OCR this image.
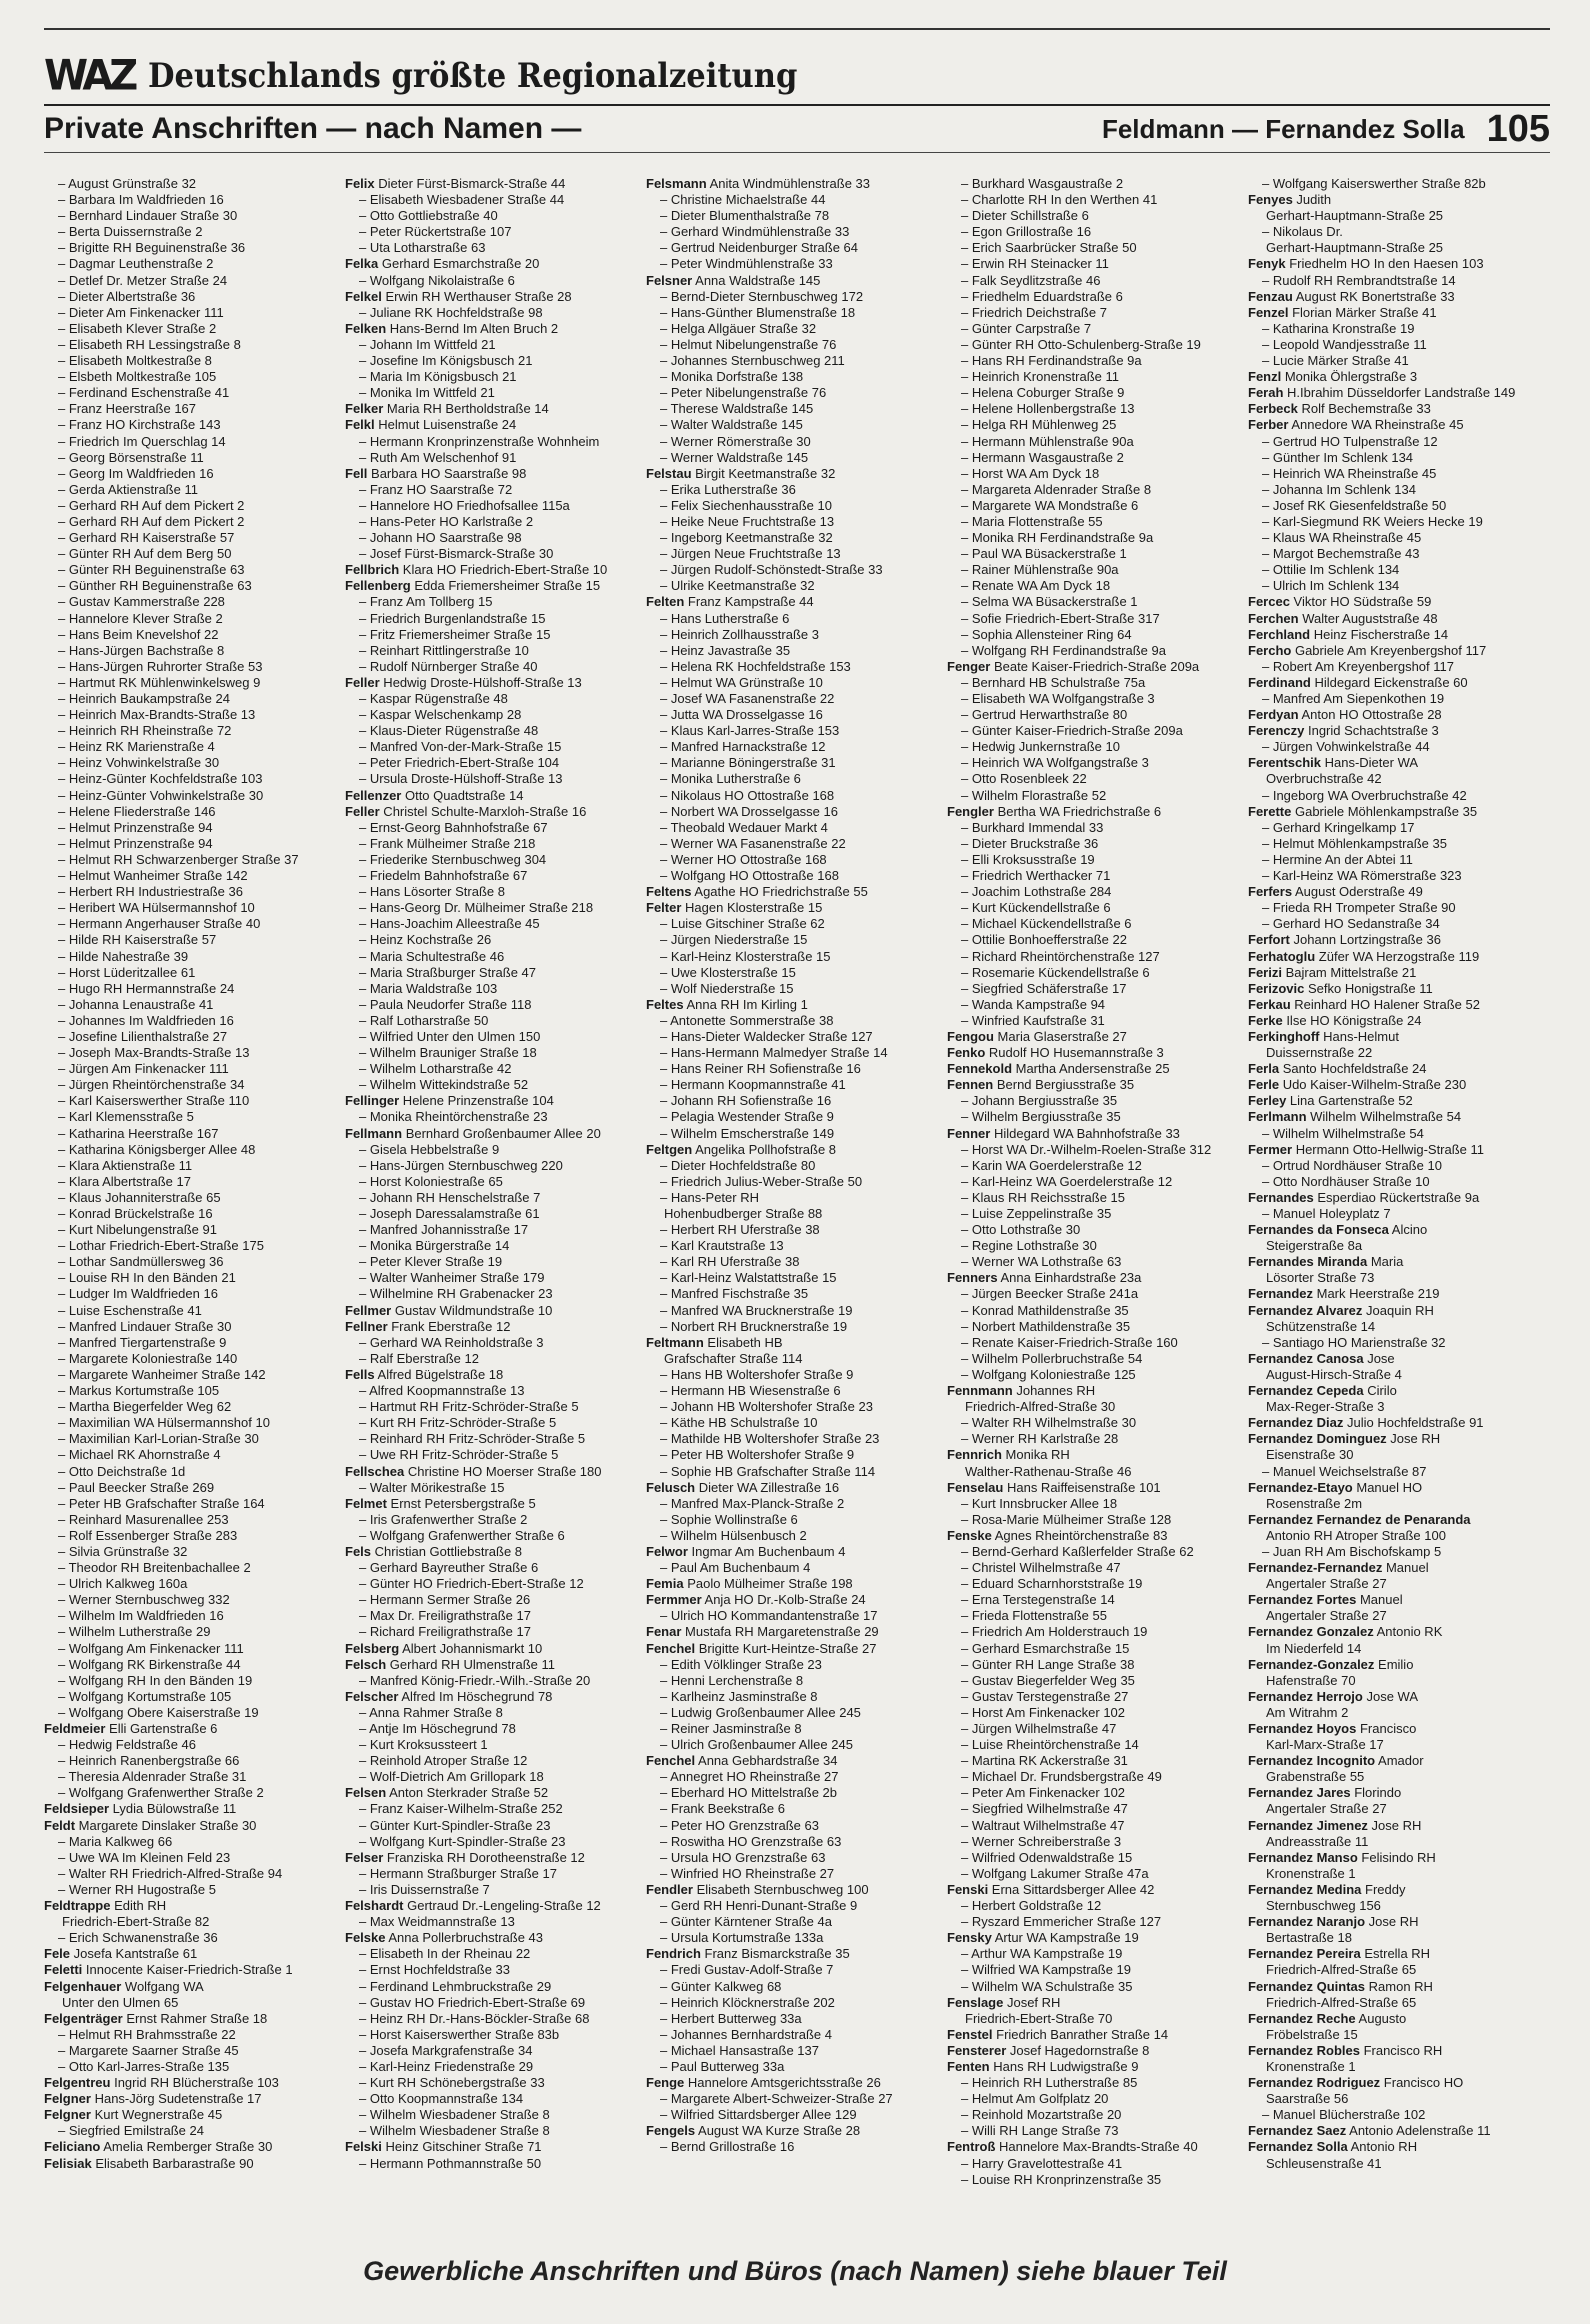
WAZ Deutschlands größte Regionalzeitung
Private Anschriften — nach Namen —	Feldmann — Fernandez Solla 105
– August Grünstraße 32
– Barbara Im Waldfrieden 16
– Bernhard Lindauer Straße 30
– Berta Duissernstraße 2
– Brigitte RH Beguinenstraße 36
– Dagmar Leuthenstraße 2
– Detlef Dr. Metzer Straße 24
– Dieter Albertstraße 36
– Dieter Am Finkenacker 111
– Elisabeth Klever Straße 2
– Elisabeth RH Lessingstraße 8
– Elisabeth Moltkestraße 8
– Elsbeth Moltkestraße 105
– Ferdinand Eschenstraße 41
– Franz Heerstraße 167
– Franz HO Kirchstraße 143
– Friedrich Im Querschlag 14
– Georg Börsenstraße 11
– Georg Im Waldfrieden 16
– Gerda Aktienstraße 11
– Gerhard RH Auf dem Pickert 2
– Gerhard RH Auf dem Pickert 2
– Gerhard RH Kaiserstraße 57
– Günter RH Auf dem Berg 50
– Günter RH Beguinenstraße 63
– Günther RH Beguinenstraße 63
– Gustav Kammerstraße 228
– Hannelore Klever Straße 2
– Hans Beim Knevelshof 22
– Hans-Jürgen Bachstraße 8
– Hans-Jürgen Ruhrorter Straße 53
– Hartmut RK Mühlenwinkelsweg 9
– Heinrich Baukampstraße 24
– Heinrich Max-Brandts-Straße 13
– Heinrich RH Rheinstraße 72
– Heinz RK Marienstraße 4
– Heinz Vohwinkelstraße 30
– Heinz-Günter Kochfeldstraße 103
– Heinz-Günter Vohwinkelstraße 30
– Helene Fliederstraße 146
– Helmut Prinzenstraße 94
– Helmut Prinzenstraße 94
– Helmut RH Schwarzenberger Straße 37
– Helmut Wanheimer Straße 142
– Herbert RH Industriestraße 36
– Heribert WA Hülsermannshof 10
– Hermann Angerhauser Straße 40
– Hilde RH Kaiserstraße 57
– Hilde Nahestraße 39
– Horst Lüderitzallee 61
– Hugo RH Hermannstraße 24
– Johanna Lenaustraße 41
– Johannes Im Waldfrieden 16
– Josefine Lilienthalstraße 27
– Joseph Max-Brandts-Straße 13
– Jürgen Am Finkenacker 111
– Jürgen Rheintörchenstraße 34
– Karl Kaiserswerther Straße 110
– Karl Klemensstraße 5
– Katharina Heerstraße 167
– Katharina Königsberger Allee 48
– Klara Aktienstraße 11
– Klara Albertstraße 17
– Klaus Johanniterstraße 65
– Konrad Brückelstraße 16
– Kurt Nibelungenstraße 91
– Lothar Friedrich-Ebert-Straße 175
– Lothar Sandmüllersweg 36
– Louise RH In den Bänden 21
– Ludger Im Waldfrieden 16
– Luise Eschenstraße 41
– Manfred Lindauer Straße 30
– Manfred Tiergartenstraße 9
– Margarete Koloniestraße 140
– Margarete Wanheimer Straße 142
– Markus Kortumstraße 105
– Martha Biegerfelder Weg 62
– Maximilian WA Hülsermannshof 10
– Maximilian Karl-Lorian-Straße 30
– Michael RK Ahornstraße 4
– Otto Deichstraße 1d
– Paul Beecker Straße 269
– Peter HB Grafschafter Straße 164
– Reinhard Masurenallee 253
– Rolf Essenberger Straße 283
– Silvia Grünstraße 32
– Theodor RH Breitenbachallee 2
– Ulrich Kalkweg 160a
– Werner Sternbuschweg 332
– Wilhelm Im Waldfrieden 16
– Wilhelm Lutherstraße 29
– Wolfgang Am Finkenacker 111
– Wolfgang RK Birkenstraße 44
– Wolfgang RH In den Bänden 19
– Wolfgang Kortumstraße 105
– Wolfgang Obere Kaiserstraße 19
Feldmeier Elli Gartenstraße 6
– Hedwig Feldstraße 46
– Heinrich Ranenbergstraße 66
– Theresia Aldenrader Straße 31
– Wolfgang Grafenwerther Straße 2
Feldsieper Lydia Bülowstraße 11
Feldt Margarete Dinslaker Straße 30
– Maria Kalkweg 66
– Uwe WA Im Kleinen Feld 23
– Walter RH Friedrich-Alfred-Straße 94
– Werner RH Hugostraße 5
Feldtrappe Edith RH
Friedrich-Ebert-Straße 82
– Erich Schwanenstraße 36
Fele Josefa Kantstraße 61
Feletti Innocente Kaiser-Friedrich-Straße 1
Felgenhauer Wolfgang WA
Unter den Ulmen 65
Felgenträger Ernst Rahmer Straße 18
– Helmut RH Brahmsstraße 22
– Margarete Saarner Straße 45
– Otto Karl-Jarres-Straße 135
Felgentreu Ingrid RH Blücherstraße 103
Felgner Hans-Jörg Sudetenstraße 17
Felgner Kurt Wegnerstraße 45
– Siegfried Emilstraße 24
Feliciano Amelia Remberger Straße 30
Felisiak Elisabeth Barbarastraße 90
Felix Dieter Fürst-Bismarck-Straße 44
– Elisabeth Wiesbadener Straße 44
– Otto Gottliebstraße 40
– Peter Rückertstraße 107
– Uta Lotharstraße 63
Felka Gerhard Esmarchstraße 20
– Wolfgang Nikolaistraße 6
Felkel Erwin RH Werthauser Straße 28
– Juliane RK Hochfeldstraße 98
Felken Hans-Bernd Im Alten Bruch 2
– Johann Im Wittfeld 21
– Josefine Im Königsbusch 21
– Maria Im Königsbusch 21
– Monika Im Wittfeld 21
Felker Maria RH Bertholdstraße 14
Felkl Helmut Luisenstraße 24
– Hermann Kronprinzenstraße Wohnheim
– Ruth Am Welschenhof 91
Fell Barbara HO Saarstraße 98
– Franz HO Saarstraße 72
– Hannelore HO Friedhofsallee 115a
– Hans-Peter HO Karlstraße 2
– Johann HO Saarstraße 98
– Josef Fürst-Bismarck-Straße 30
Fellbrich Klara HO Friedrich-Ebert-Straße 10
Fellenberg Edda Friemersheimer Straße 15
– Franz Am Tollberg 15
– Friedrich Burgenlandstraße 15
– Fritz Friemersheimer Straße 15
– Reinhart Rittlingerstraße 10
– Rudolf Nürnberger Straße 40
Feller Hedwig Droste-Hülshoff-Straße 13
– Kaspar Rügenstraße 48
– Kaspar Welschenkamp 28
– Klaus-Dieter Rügenstraße 48
– Manfred Von-der-Mark-Straße 15
– Peter Friedrich-Ebert-Straße 104
– Ursula Droste-Hülshoff-Straße 13
Fellenzer Otto Quadtstraße 14
Feller Christel Schulte-Marxloh-Straße 16
– Ernst-Georg Bahnhofstraße 67
– Frank Mülheimer Straße 218
– Friederike Sternbuschweg 304
– Friedelm Bahnhofstraße 67
– Hans Lösorter Straße 8
– Hans-Georg Dr. Mülheimer Straße 218
– Hans-Joachim Alleestraße 45
– Heinz Kochstraße 26
– Maria Schultestraße 46
– Maria Straßburger Straße 47
– Maria Waldstraße 103
– Paula Neudorfer Straße 118
– Ralf Lotharstraße 50
– Wilfried Unter den Ulmen 150
– Wilhelm Brauniger Straße 18
– Wilhelm Lotharstraße 42
– Wilhelm Wittekindstraße 52
Fellinger Helene Prinzenstraße 104
– Monika Rheintörchenstraße 23
Fellmann Bernhard Großenbaumer Allee 20
– Gisela Hebbelstraße 9
– Hans-Jürgen Sternbuschweg 220
– Horst Koloniestraße 65
– Johann RH Henschelstraße 7
– Joseph Daressalamstraße 61
– Manfred Johannisstraße 17
– Monika Bürgerstraße 14
– Peter Klever Straße 19
– Walter Wanheimer Straße 179
– Wilhelmine RH Grabenacker 23
Fellmer Gustav Wildmundstraße 10
Fellner Frank Eberstraße 12
– Gerhard WA Reinholdstraße 3
– Ralf Eberstraße 12
Fells Alfred Bügelstraße 18
– Alfred Koopmannstraße 13
– Hartmut RH Fritz-Schröder-Straße 5
– Kurt RH Fritz-Schröder-Straße 5
– Reinhard RH Fritz-Schröder-Straße 5
– Uwe RH Fritz-Schröder-Straße 5
Fellschea Christine HO Moerser Straße 180
– Walter Mörikestraße 15
Felmet Ernst Petersbergstraße 5
– Iris Grafenwerther Straße 2
– Wolfgang Grafenwerther Straße 6
Fels Christian Gottliebstraße 8
– Gerhard Bayreuther Straße 6
– Günter HO Friedrich-Ebert-Straße 12
– Hermann Sermer Straße 26
– Max Dr. Freiligrathstraße 17
– Richard Freiligrathstraße 17
Felsberg Albert Johannismarkt 10
Felsch Gerhard RH Ulmenstraße 11
– Manfred König-Friedr.-Wilh.-Straße 20
Felscher Alfred Im Höschegrund 78
– Anna Rahmer Straße 8
– Antje Im Höschegrund 78
– Kurt Kroksussteert 1
– Reinhold Atroper Straße 12
– Wolf-Dietrich Am Grillopark 18
Felsen Anton Sterkrader Straße 52
– Franz Kaiser-Wilhelm-Straße 252
– Günter Kurt-Spindler-Straße 23
– Wolfgang Kurt-Spindler-Straße 23
Felser Franziska RH Dorotheenstraße 12
– Hermann Straßburger Straße 17
– Iris Duissernstraße 7
Felshardt Gertraud Dr.-Lengeling-Straße 12
– Max Weidmannstraße 13
Felske Anna Pollerbruchstraße 43
– Elisabeth In der Rheinau 22
– Ernst Hochfeldstraße 33
– Ferdinand Lehmbruckstraße 29
– Gustav HO Friedrich-Ebert-Straße 69
– Heinz RH Dr.-Hans-Böckler-Straße 68
– Horst Kaiserswerther Straße 83b
– Josefa Markgrafenstraße 34
– Karl-Heinz Friedenstraße 29
– Kurt RH Schönebergstraße 33
– Otto Koopmannstraße 134
– Wilhelm Wiesbadener Straße 8
– Wilhelm Wiesbadener Straße 8
Felski Heinz Gitschiner Straße 71
– Hermann Pothmannstraße 50
Felsmann Anita Windmühlenstraße 33
– Christine Michaelstraße 44
– Dieter Blumenthalstraße 78
– Gerhard Windmühlenstraße 33
– Gertrud Neidenburger Straße 64
– Peter Windmühlenstraße 33
Felsner Anna Waldstraße 145
– Bernd-Dieter Sternbuschweg 172
– Hans-Günther Blumenstraße 18
– Helga Allgäuer Straße 32
– Helmut Nibelungenstraße 76
– Johannes Sternbuschweg 211
– Monika Dorfstraße 138
– Peter Nibelungenstraße 76
– Therese Waldstraße 145
– Walter Waldstraße 145
– Werner Römerstraße 30
– Werner Waldstraße 145
Felstau Birgit Keetmanstraße 32
– Erika Lutherstraße 36
– Felix Siechenhausstraße 10
– Heike Neue Fruchtstraße 13
– Ingeborg Keetmanstraße 32
– Jürgen Neue Fruchtstraße 13
– Jürgen Rudolf-Schönstedt-Straße 33
– Ulrike Keetmanstraße 32
Felten Franz Kampstraße 44
– Hans Lutherstraße 6
– Heinrich Zollhausstraße 3
– Heinz Javastraße 35
– Helena RK Hochfeldstraße 153
– Helmut WA Grünstraße 10
– Josef WA Fasanenstraße 22
– Jutta WA Drosselgasse 16
– Klaus Karl-Jarres-Straße 153
– Manfred Harnackstraße 12
– Marianne Böningerstraße 31
– Monika Lutherstraße 6
– Nikolaus HO Ottostraße 168
– Norbert WA Drosselgasse 16
– Theobald Wedauer Markt 4
– Werner WA Fasanenstraße 22
– Werner HO Ottostraße 168
– Wolfgang HO Ottostraße 168
Feltens Agathe HO Friedrichstraße 55
Felter Hagen Klosterstraße 15
– Luise Gitschiner Straße 62
– Jürgen Niederstraße 15
– Karl-Heinz Klosterstraße 15
– Uwe Klosterstraße 15
– Wolf Niederstraße 15
Feltes Anna RH Im Kirling 1
– Antonette Sommerstraße 38
– Hans-Dieter Waldecker Straße 127
– Hans-Hermann Malmedyer Straße 14
– Hans Reiner RH Sofienstraße 16
– Hermann Koopmannstraße 41
– Johann RH Sofienstraße 16
– Pelagia Westender Straße 9
– Wilhelm Emscherstraße 149
Feltgen Angelika Pollhofstraße 8
– Dieter Hochfeldstraße 80
– Friedrich Julius-Weber-Straße 50
– Hans-Peter RH
Hohenbudberger Straße 88
– Herbert RH Uferstraße 38
– Karl Krautstraße 13
– Karl RH Uferstraße 38
– Karl-Heinz Walstattstraße 15
– Manfred Fischstraße 35
– Manfred WA Brucknerstraße 19
– Norbert RH Brucknerstraße 19
Feltmann Elisabeth HB
Grafschafter Straße 114
– Hans HB Woltershofer Straße 9
– Hermann HB Wiesenstraße 6
– Johann HB Woltershofer Straße 23
– Käthe HB Schulstraße 10
– Mathilde HB Woltershofer Straße 23
– Peter HB Woltershofer Straße 9
– Sophie HB Grafschafter Straße 114
Felusch Dieter WA Zillestraße 16
– Manfred Max-Planck-Straße 2
– Sophie Wollinstraße 6
– Wilhelm Hülsenbusch 2
Felwor Ingmar Am Buchenbaum 4
– Paul Am Buchenbaum 4
Femia Paolo Mülheimer Straße 198
Fermmer Anja HO Dr.-Kolb-Straße 24
– Ulrich HO Kommandantenstraße 17
Fenar Mustafa RH Margaretenstraße 29
Fenchel Brigitte Kurt-Heintze-Straße 27
– Edith Völklinger Straße 23
– Henni Lerchenstraße 8
– Karlheinz Jasminstraße 8
– Ludwig Großenbaumer Allee 245
– Reiner Jasminstraße 8
– Ulrich Großenbaumer Allee 245
Fenchel Anna Gebhardstraße 34
– Annegret HO Rheinstraße 27
– Eberhard HO Mittelstraße 2b
– Frank Beekstraße 6
– Peter HO Grenzstraße 63
– Roswitha HO Grenzstraße 63
– Ursula HO Grenzstraße 63
– Winfried HO Rheinstraße 27
Fendler Elisabeth Sternbuschweg 100
– Gerd RH Henri-Dunant-Straße 9
– Günter Kärntener Straße 4a
– Ursula Kortumstraße 133a
Fendrich Franz Bismarckstraße 35
– Fredi Gustav-Adolf-Straße 7
– Günter Kalkweg 68
– Heinrich Klöcknerstraße 202
– Herbert Butterweg 33a
– Johannes Bernhardstraße 4
– Michael Hansastraße 137
– Paul Butterweg 33a
Fenge Hannelore Amtsgerichtsstraße 26
– Margarete Albert-Schweizer-Straße 27
– Wilfried Sittardsberger Allee 129
Fengels August WA Kurze Straße 28
– Bernd Grillostraße 16
– Burkhard Wasgaustraße 2
– Charlotte RH In den Werthen 41
– Dieter Schillstraße 6
– Egon Grillostraße 16
– Erich Saarbrücker Straße 50
– Erwin RH Steinacker 11
– Falk Seydlitzstraße 46
– Friedhelm Eduardstraße 6
– Friedrich Deichstraße 7
– Günter Carpstraße 7
– Günter RH Otto-Schulenberg-Straße 19
– Hans RH Ferdinandstraße 9a
– Heinrich Kronenstraße 11
– Helena Coburger Straße 9
– Helene Hollenbergstraße 13
– Helga RH Mühlenweg 25
– Hermann Mühlenstraße 90a
– Hermann Wasgaustraße 2
– Horst WA Am Dyck 18
– Margareta Aldenrader Straße 8
– Margarete WA Mondstraße 6
– Maria Flottenstraße 55
– Monika RH Ferdinandstraße 9a
– Paul WA Büsackerstraße 1
– Rainer Mühlenstraße 90a
– Renate WA Am Dyck 18
– Selma WA Büsackerstraße 1
– Sofie Friedrich-Ebert-Straße 317
– Sophia Allensteiner Ring 64
– Wolfgang RH Ferdinandstraße 9a
Fenger Beate Kaiser-Friedrich-Straße 209a
– Bernhard HB Schulstraße 75a
– Elisabeth WA Wolfgangstraße 3
– Gertrud Herwarthstraße 80
– Günter Kaiser-Friedrich-Straße 209a
– Hedwig Junkernstraße 10
– Heinrich WA Wolfgangstraße 3
– Otto Rosenbleek 22
– Wilhelm Florastraße 52
Fengler Bertha WA Friedrichstraße 6
– Burkhard Immendal 33
– Dieter Bruckstraße 36
– Elli Kroksusstraße 19
– Friedrich Werthacker 71
– Joachim Lothstraße 284
– Kurt Kückendellstraße 6
– Michael Kückendellstraße 6
– Ottilie Bonhoefferstraße 22
– Richard Rheintörchenstraße 127
– Rosemarie Kückendellstraße 6
– Siegfried Schäferstraße 17
– Wanda Kampstraße 94
– Winfried Kaufstraße 31
Fengou Maria Glaserstraße 27
Fenko Rudolf HO Husemannstraße 3
Fennekold Martha Andersenstraße 25
Fennen Bernd Bergiusstraße 35
– Johann Bergiusstraße 35
– Wilhelm Bergiusstraße 35
Fenner Hildegard WA Bahnhofstraße 33
– Horst WA Dr.-Wilhelm-Roelen-Straße 312
– Karin WA Goerdelerstraße 12
– Karl-Heinz WA Goerdelerstraße 12
– Klaus RH Reichsstraße 15
– Luise Zeppelinstraße 35
– Otto Lothstraße 30
– Regine Lothstraße 30
– Werner WA Lothstraße 63
Fenners Anna Einhardstraße 23a
– Jürgen Beecker Straße 241a
– Konrad Mathildenstraße 35
– Norbert Mathildenstraße 35
– Renate Kaiser-Friedrich-Straße 160
– Wilhelm Pollerbruchstraße 54
– Wolfgang Koloniestraße 125
Fennmann Johannes RH
Friedrich-Alfred-Straße 30
– Walter RH Wilhelmstraße 30
– Werner RH Karlstraße 28
Fennrich Monika RH
Walther-Rathenau-Straße 46
Fenselau Hans Raiffeisenstraße 101
– Kurt Innsbrucker Allee 18
– Rosa-Marie Mülheimer Straße 128
Fenske Agnes Rheintörchenstraße 83
– Bernd-Gerhard Kaßlerfelder Straße 62
– Christel Wilhelmstraße 47
– Eduard Scharnhorststraße 19
– Erna Terstegenstraße 14
– Frieda Flottenstraße 55
– Friedrich Am Holderstrauch 19
– Gerhard Esmarchstraße 15
– Günter RH Lange Straße 38
– Gustav Biegerfelder Weg 35
– Gustav Terstegenstraße 27
– Horst Am Finkenacker 102
– Jürgen Wilhelmstraße 47
– Luise Rheintörchenstraße 14
– Martina RK Ackerstraße 31
– Michael Dr. Frundsbergstraße 49
– Peter Am Finkenacker 102
– Siegfried Wilhelmstraße 47
– Waltraut Wilhelmstraße 47
– Werner Schreiberstraße 3
– Wilfried Odenwaldstraße 15
– Wolfgang Lakumer Straße 47a
Fenski Erna Sittardsberger Allee 42
– Herbert Goldstraße 12
– Ryszard Emmericher Straße 127
Fensky Artur WA Kampstraße 19
– Arthur WA Kampstraße 19
– Wilfried WA Kampstraße 19
– Wilhelm WA Schulstraße 35
Fenslage Josef RH
Friedrich-Ebert-Straße 70
Fenstel Friedrich Banrather Straße 14
Fensterer Josef Hagedornstraße 8
Fenten Hans RH Ludwigstraße 9
– Heinrich RH Lutherstraße 85
– Helmut Am Golfplatz 20
– Reinhold Mozartstraße 20
– Willi RH Lange Straße 73
Fentroß Hannelore Max-Brandts-Straße 40
– Harry Gravelottestraße 41
– Louise RH Kronprinzenstraße 35
– Wolfgang Kaiserswerther Straße 82b
Fenyes Judith
Gerhart-Hauptmann-Straße 25
– Nikolaus Dr.
Gerhart-Hauptmann-Straße 25
Fenyk Friedhelm HO In den Haesen 103
– Rudolf RH Rembrandtstraße 14
Fenzau August RK Bonertstraße 33
Fenzel Florian Märker Straße 41
– Katharina Kronstraße 19
– Leopold Wandjesstraße 11
– Lucie Märker Straße 41
Fenzl Monika Öhlergstraße 3
Ferah H.Ibrahim Düsseldorfer Landstraße 149
Ferbeck Rolf Bechemstraße 33
Ferber Annedore WA Rheinstraße 45
– Gertrud HO Tulpenstraße 12
– Günther Im Schlenk 134
– Heinrich WA Rheinstraße 45
– Johanna Im Schlenk 134
– Josef RK Giesenfeldstraße 50
– Karl-Siegmund RK Weiers Hecke 19
– Klaus WA Rheinstraße 45
– Margot Bechemstraße 43
– Ottilie Im Schlenk 134
– Ulrich Im Schlenk 134
Fercec Viktor HO Südstraße 59
Ferchen Walter Auguststraße 48
Ferchland Heinz Fischerstraße 14
Fercho Gabriele Am Kreyenbergshof 117
– Robert Am Kreyenbergshof 117
Ferdinand Hildegard Eickenstraße 60
– Manfred Am Siepenkothen 19
Ferdyan Anton HO Ottostraße 28
Ferenczy Ingrid Schachtstraße 3
– Jürgen Vohwinkelstraße 44
Ferentschik Hans-Dieter WA
Overbruchstraße 42
– Ingeborg WA Overbruchstraße 42
Ferette Gabriele Möhlenkampstraße 35
– Gerhard Kringelkamp 17
– Helmut Möhlenkampstraße 35
– Hermine An der Abtei 11
– Karl-Heinz WA Römerstraße 323
Ferfers August Oderstraße 49
– Frieda RH Trompeter Straße 90
– Gerhard HO Sedanstraße 34
Ferfort Johann Lortzingstraße 36
Ferhatoglu Züfer WA Herzogstraße 119
Ferizi Bajram Mittelstraße 21
Ferizovic Sefko Honigstraße 11
Ferkau Reinhard HO Halener Straße 52
Ferke Ilse HO Königstraße 24
Ferkinghoff Hans-Helmut
Duissernstraße 22
Ferla Santo Hochfeldstraße 24
Ferle Udo Kaiser-Wilhelm-Straße 230
Ferley Lina Gartenstraße 52
Ferlmann Wilhelm Wilhelmstraße 54
– Wilhelm Wilhelmstraße 54
Fermer Hermann Otto-Hellwig-Straße 11
– Ortrud Nordhäuser Straße 10
– Otto Nordhäuser Straße 10
Fernandes Esperdiao Rückertstraße 9a
– Manuel Holeyplatz 7
Fernandes da Fonseca Alcino
Steigerstraße 8a
Fernandes Miranda Maria
Lösorter Straße 73
Fernandez Mark Heerstraße 219
Fernandez Alvarez Joaquin RH
Schützenstraße 14
– Santiago HO Marienstraße 32
Fernandez Canosa Jose
August-Hirsch-Straße 4
Fernandez Cepeda Cirilo
Max-Reger-Straße 3
Fernandez Diaz Julio Hochfeldstraße 91
Fernandez Dominguez Jose RH
Eisenstraße 30
– Manuel Weichselstraße 87
Fernandez-Etayo Manuel HO
Rosenstraße 2m
Fernandez Fernandez de Penaranda
Antonio RH Atroper Straße 100
– Juan RH Am Bischofskamp 5
Fernandez-Fernandez Manuel
Angertaler Straße 27
Fernandez Fortes Manuel
Angertaler Straße 27
Fernandez Gonzalez Antonio RK
Im Niederfeld 14
Fernandez-Gonzalez Emilio
Hafenstraße 70
Fernandez Herrojo Jose WA
Am Witrahm 2
Fernandez Hoyos Francisco
Karl-Marx-Straße 17
Fernandez Incognito Amador
Grabenstraße 55
Fernandez Jares Florindo
Angertaler Straße 27
Fernandez Jimenez Jose RH
Andreasstraße 11
Fernandez Manso Felisindo RH
Kronenstraße 1
Fernandez Medina Freddy
Sternbuschweg 156
Fernandez Naranjo Jose RH
Bertastraße 18
Fernandez Pereira Estrella RH
Friedrich-Alfred-Straße 65
Fernandez Quintas Ramon RH
Friedrich-Alfred-Straße 65
Fernandez Reche Augusto
Fröbelstraße 15
Fernandez Robles Francisco RH
Kronenstraße 1
Fernandez Rodriguez Francisco HO
Saarstraße 56
– Manuel Blücherstraße 102
Fernandez Saez Antonio Adelenstraße 11
Fernandez Solla Antonio RH
Schleusenstraße 41
Gewerbliche Anschriften und Büros (nach Namen) siehe blauer Teil
